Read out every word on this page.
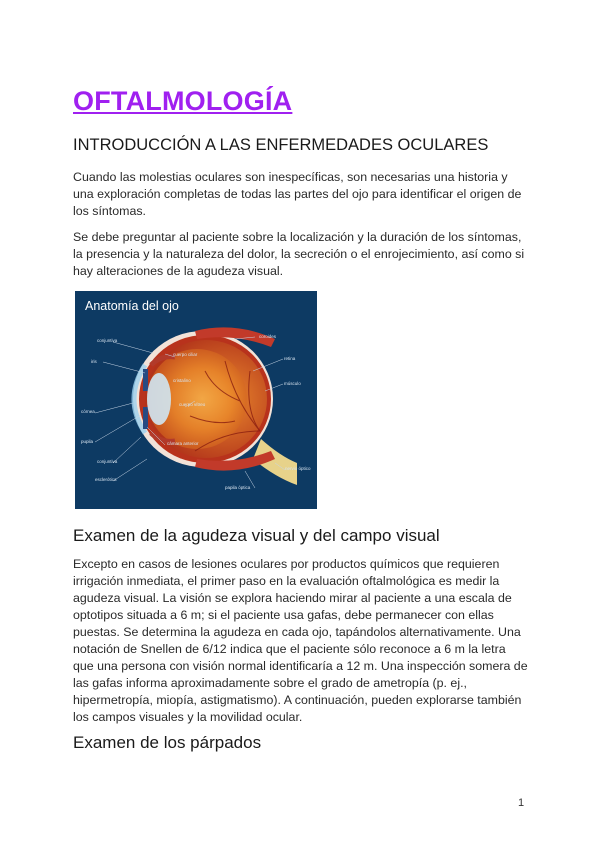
OFTALMOLOGÍA
INTRODUCCIÓN A LAS ENFERMEDADES OCULARES

Cuando las molestias oculares son inespecíficas, son necesarias una historia y una exploración completas de todas las partes del ojo para identificar el origen de los síntomas.

Se debe preguntar al paciente sobre la localización y la duración de los síntomas, la presencia y la naturaleza del dolor, la secreción o el enrojecimiento, así como si hay alteraciones de la agudeza visual.

Anatomía del ojo
conjuntiva
iris
cuerpo ciliar
coroides
retina
cristalino
músculo
córnea
cuerpo vítreo
pupila	cámara anterior
conjuntiva
esclerótica
nervio óptico
papila óptica
Examen de la agudeza visual y del campo visual

Excepto en casos de lesiones oculares por productos químicos que requieren irrigación inmediata, el primer paso en la evaluación oftalmológica es medir la agudeza visual. La visión se explora haciendo mirar al paciente a una escala de optotipos situada a 6 m; si el paciente usa gafas, debe permanecer con ellas puestas. Se determina la agudeza en cada ojo, tapándolos alternativamente. Una notación de Snellen de 6/12 indica que el paciente sólo reconoce a 6 m la letra que una persona con visión normal identificaría a 12 m. Una inspección somera de las gafas informa aproximadamente sobre el grado de ametropía (p. ej., hipermetropía, miopía, astigmatismo). A continuación, pueden explorarse también los campos visuales y la movilidad ocular.

Examen de los párpados
1
